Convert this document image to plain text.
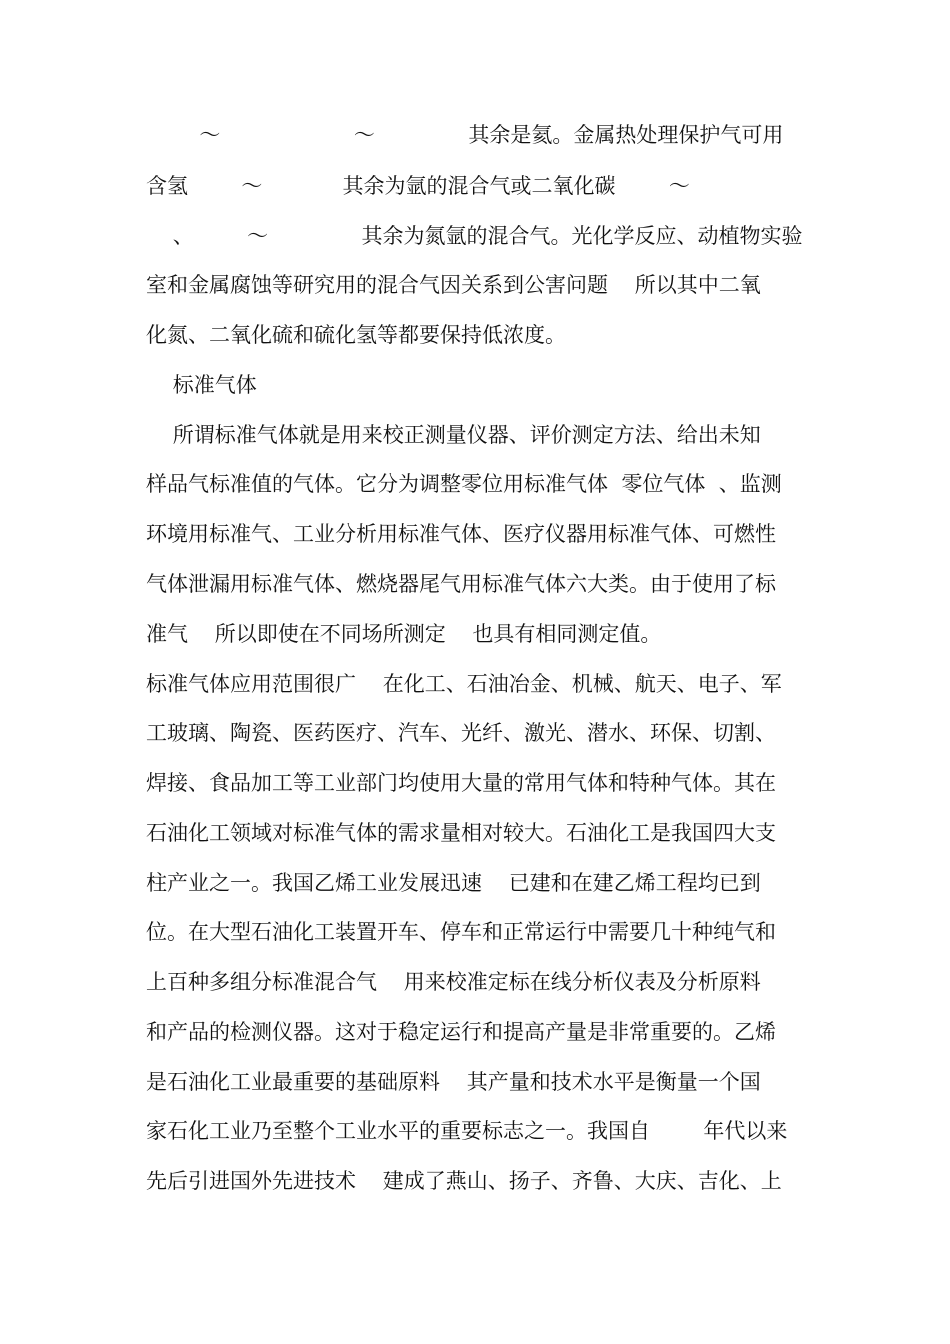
～                    ～              其余是氦。金属热处理保护气可用
含氢        ～            其余为氩的混合气或二氧化碳        ～
、        ～              其余为氮氩的混合气。光化学反应、动植物实验
室和金属腐蚀等研究用的混合气因关系到公害问题    所以其中二氧
化氮、二氧化硫和硫化氢等都要保持低浓度。
标准气体
所谓标准气体就是用来校正测量仪器、评价测定方法、给出未知
样品气标准值的气体。它分为调整零位用标准气体  零位气体  、监测
环境用标准气、工业分析用标准气体、医疗仪器用标准气体、可燃性
气体泄漏用标准气体、燃烧器尾气用标准气体六大类。由于使用了标
准气    所以即使在不同场所测定    也具有相同测定值。
标准气体应用范围很广    在化工、石油冶金、机械、航天、电子、军
工玻璃、陶瓷、医药医疗、汽车、光纤、激光、潜水、环保、切割、
焊接、食品加工等工业部门均使用大量的常用气体和特种气体。其在
石油化工领域对标准气体的需求量相对较大。石油化工是我国四大支
柱产业之一。我国乙烯工业发展迅速    已建和在建乙烯工程均已到
位。在大型石油化工装置开车、停车和正常运行中需要几十种纯气和
上百种多组分标准混合气    用来校准定标在线分析仪表及分析原料
和产品的检测仪器。这对于稳定运行和提高产量是非常重要的。乙烯
是石油化工业最重要的基础原料    其产量和技术水平是衡量一个国
家石化工业乃至整个工业水平的重要标志之一。我国自        年代以来
先后引进国外先进技术    建成了燕山、扬子、齐鲁、大庆、吉化、上
